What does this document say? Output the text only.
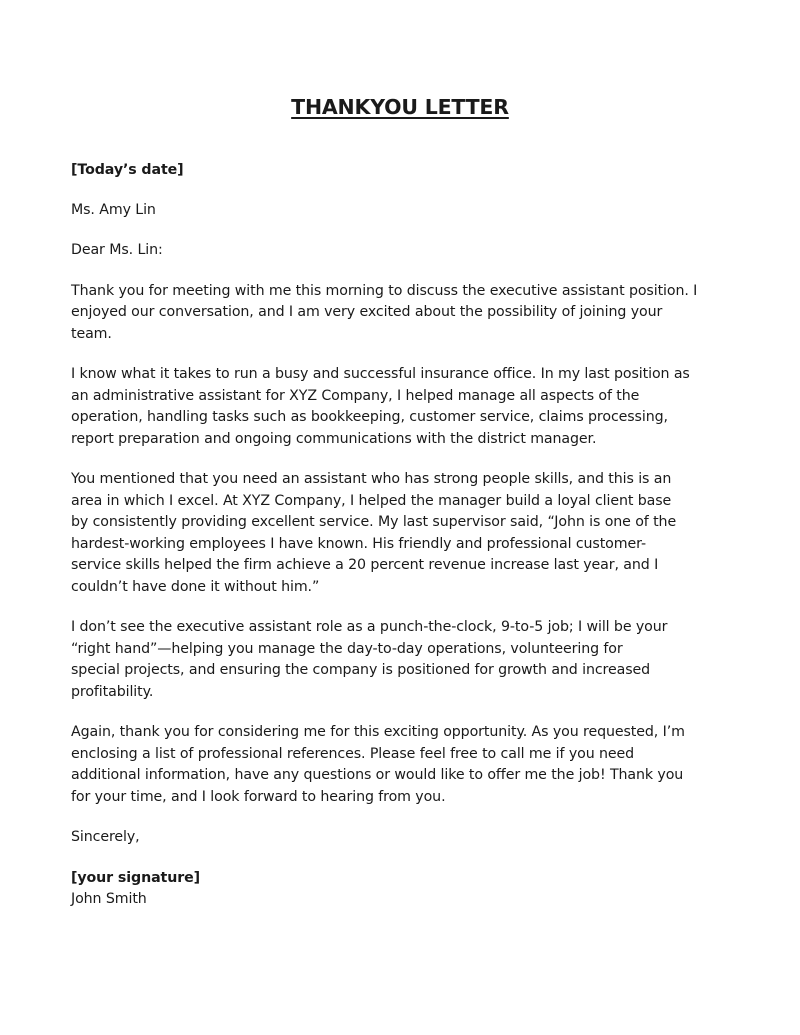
THANKYOU LETTER

[Today’s date]

Ms. Amy Lin

Dear Ms. Lin:

Thank you for meeting with me this morning to discuss the executive assistant position. I

enjoyed our conversation, and I am very excited about the possibility of joining your

team.

I know what it takes to run a busy and successful insurance office. In my last position as

an administrative assistant for XYZ Company, I helped manage all aspects of the

operation, handling tasks such as bookkeeping, customer service, claims processing,

report preparation and ongoing communications with the district manager.

You mentioned that you need an assistant who has strong people skills, and this is an

area in which I excel. At XYZ Company, I helped the manager build a loyal client base

by consistently providing excellent service. My last supervisor said, “John is one of the

hardest-working employees I have known. His friendly and professional customer-

service skills helped the firm achieve a 20 percent revenue increase last year, and I

couldn’t have done it without him.”

I don’t see the executive assistant role as a punch-the-clock, 9-to-5 job; I will be your

“right hand”—helping you manage the day-to-day operations, volunteering for

special projects, and ensuring the company is positioned for growth and increased

profitability.

Again, thank you for considering me for this exciting opportunity. As you requested, I’m

enclosing a list of professional references. Please feel free to call me if you need

additional information, have any questions or would like to offer me the job! Thank you

for your time, and I look forward to hearing from you.

Sincerely,

[your signature]

John Smith
